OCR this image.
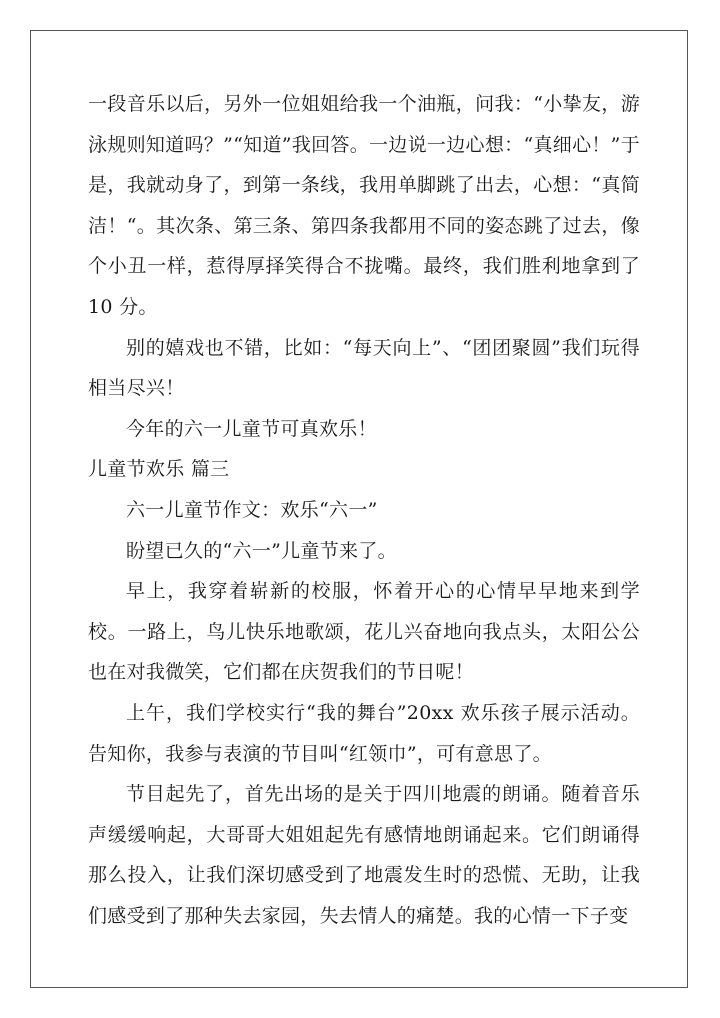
一段音乐以后，另外一位姐姐给我一个油瓶，问我：“小挚友，游泳规则知道吗？”“知道”我回答。一边说一边心想：“真细心！”于是，我就动身了，到第一条线，我用单脚跳了出去，心想：“真简洁！“。其次条、第三条、第四条我都用不同的姿态跳了过去，像个小丑一样，惹得厚择笑得合不拢嘴。最终，我们胜利地拿到了 10 分。

别的嬉戏也不错，比如：“每天向上”、“团团聚圆”我们玩得相当尽兴！

今年的六一儿童节可真欢乐！

儿童节欢乐 篇三

六一儿童节作文：欢乐“六一”

盼望已久的“六一”儿童节来了。

早上，我穿着崭新的校服，怀着开心的心情早早地来到学校。一路上，鸟儿快乐地歌颂，花儿兴奋地向我点头，太阳公公也在对我微笑，它们都在庆贺我们的节日呢！

上午，我们学校实行“我的舞台”20xx 欢乐孩子展示活动。告知你，我参与表演的节目叫“红领巾”，可有意思了。

节目起先了，首先出场的是关于四川地震的朗诵。随着音乐声缓缓响起，大哥哥大姐姐起先有感情地朗诵起来。它们朗诵得那么投入，让我们深切感受到了地震发生时的恐慌、无助，让我们感受到了那种失去家园，失去情人的痛楚。我的心情一下子变
